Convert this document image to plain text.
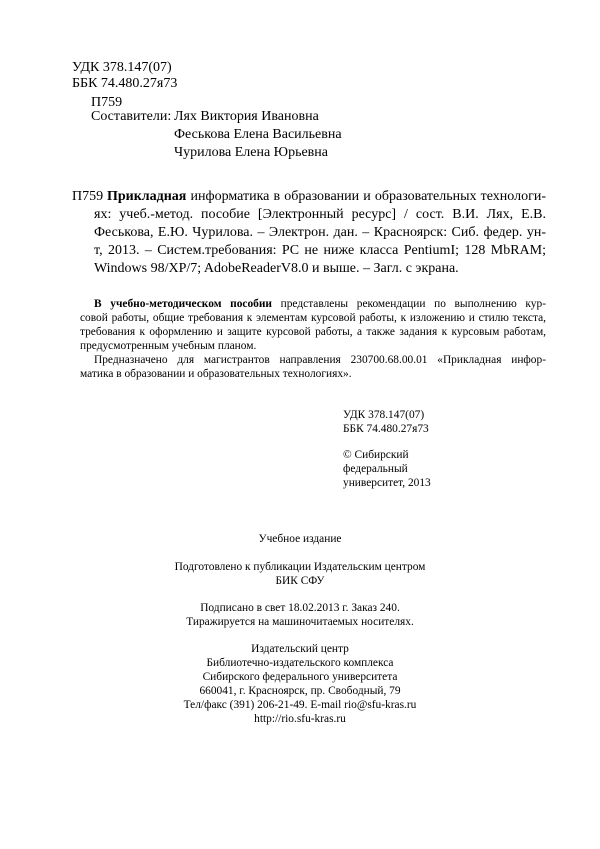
УДК 378.147(07)
ББК 74.480.27я73
П759
Составители: Лях Виктория Ивановна
Феськова Елена Васильевна
Чурилова Елена Юрьевна
П759 Прикладная информатика в образовании и образовательных технологи-
ях: учеб.-метод. пособие [Электронный ресурс] / сост. В.И. Лях, Е.В.
Феськова, Е.Ю. Чурилова. – Электрон. дан. – Красноярск: Сиб. федер. ун-
т, 2013. – Систем.требования: PC не ниже класса PentiumI; 128 MbRAM;
Windows 98/XP/7; AdobeReaderV8.0 и выше. – Загл. с экрана.
В учебно-методическом пособии представлены рекомендации по выполнению кур-
совой работы, общие требования к элементам курсовой работы, к изложению и стилю текста,
требования к оформлению и защите курсовой работы, а также задания к курсовым работам,
предусмотренным учебным планом.
Предназначено для магистрантов направления 230700.68.00.01 «Прикладная инфор-
матика в образовании и образовательных технологиях».
УДК 378.147(07)
ББК 74.480.27я73
© Сибирский
федеральный
университет, 2013
Учебное издание
Подготовлено к публикации Издательским центром
БИК СФУ
Подписано в свет 18.02.2013 г. Заказ 240.
Тиражируется на машиночитаемых носителях.
Издательский центр
Библиотечно-издательского комплекса
Сибирского федерального университета
660041, г. Красноярск, пр. Свободный, 79
Тел/факс (391) 206-21-49. E-mail rio@sfu-kras.ru
http://rio.sfu-kras.ru
